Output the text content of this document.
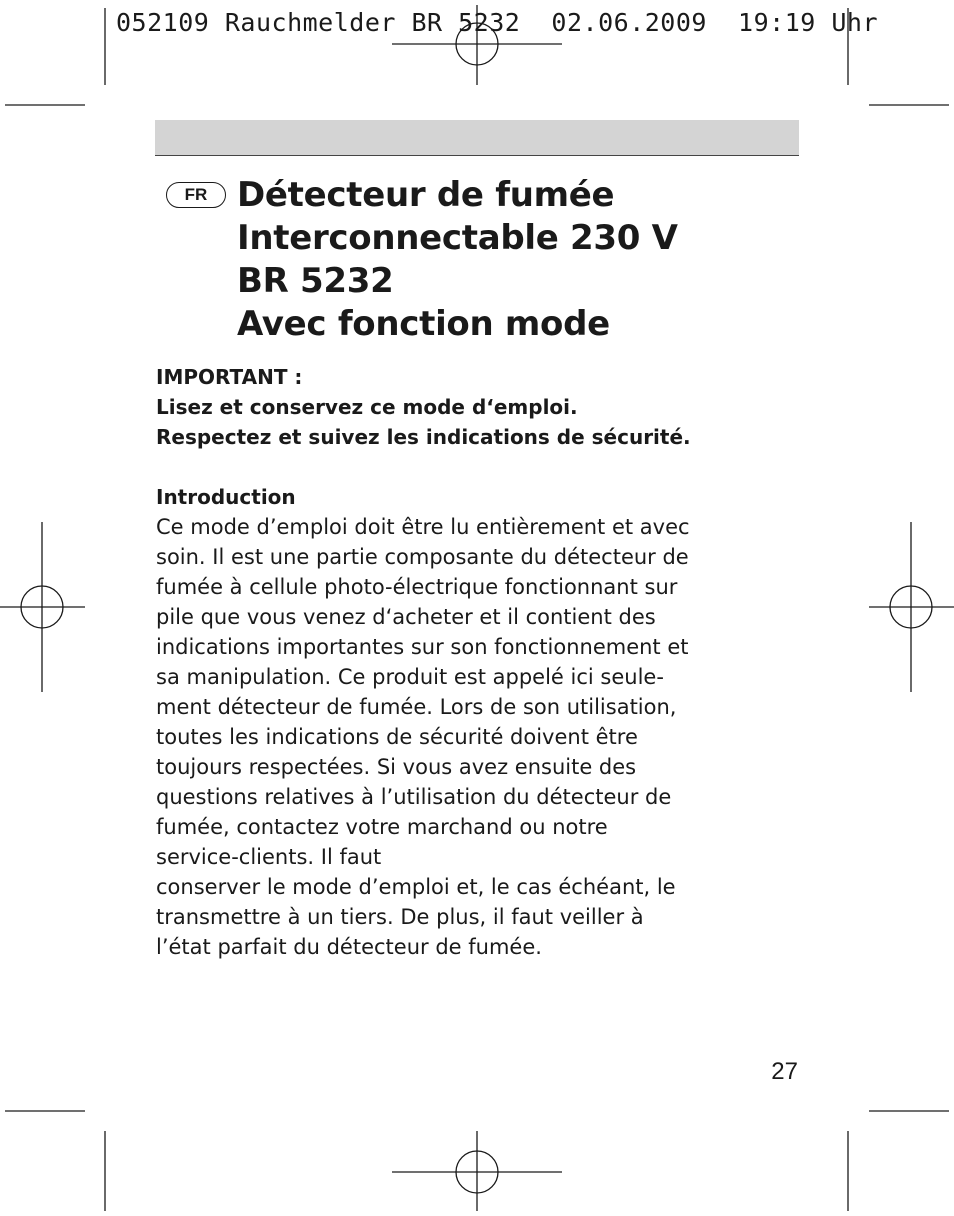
052109 Rauchmelder BR 5232  02.06.2009  19:19 Uhr
FR Détecteur de fumée
Interconnectable 230 V
BR 5232
Avec fonction mode
IMPORTANT :
Lisez et conservez ce mode d‘emploi.
Respectez et suivez les indications de sécurité.
Introduction
Ce mode d’emploi doit être lu entièrement et avec
soin. Il est une partie composante du détecteur de
fumée à cellule photo-électrique fonctionnant sur
pile que vous venez d‘acheter et il contient des
indications importantes sur son fonctionnement et
sa manipulation. Ce produit est appelé ici seule-
ment détecteur de fumée. Lors de son utilisation,
toutes les indications de sécurité doivent être
toujours respectées. Si vous avez ensuite des
questions relatives à l’utilisation du détecteur de
fumée, contactez votre marchand ou notre
service-clients. Il faut
conserver le mode d’emploi et, le cas échéant, le
transmettre à un tiers. De plus, il faut veiller à
l’état parfait du détecteur de fumée.
27
